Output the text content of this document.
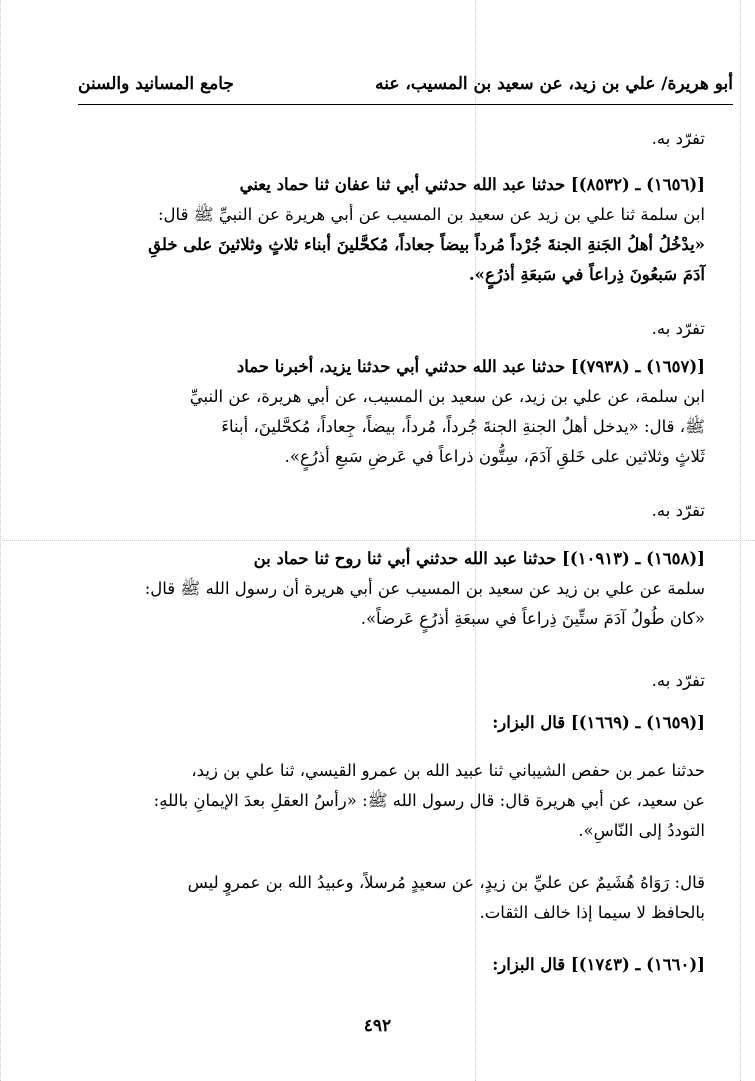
أبو هريرة/ علي بن زيد، عن سعيد بن المسيب، عنه
جامع المسانيد والسنن
تفرّد به.
[(١٦٥٦) ـ (٨٥٣٢)] حدثنا عبد الله حدثني أبي ثنا عفان ثنا حماد يعني
ابن سلمة ثنا علي بن زيد عن سعيد بن المسيب عن أبي هريرة عن النبيِّ ﷺ قال:
«يدْخُلُ أهلُ الجَنةِ الجنةَ جُرْداً مُرداً بيضاً جعاداً، مُكحَّلينَ أبناء ثلاثٍ وثلاثينَ على خلقِ
آدَمَ سَبعُونَ ذِراعاً في سَبعَةِ أذرُعٍ».
تفرّد به.
[(١٦٥٧) ـ (٧٩٣٨)] حدثنا عبد الله حدثني أبي حدثنا يزيد، أخبرنا حماد
ابن سلمة، عن علي بن زيد، عن سعيد بن المسيب، عن أبي هريرة، عن النبيِّ
ﷺ، قال: «يدخل أهلُ الجنةِ الجنةَ جُرداً، مُرداً، بيضاً، جِعاداً، مُكحَّلينَ، أبناءَ
ثَلاثٍ وثلاثين على خَلقِ آدَمَ، سِتُّون ذراعاً في عَرضِ سَبعِ أذرُعٍ».
تفرّد به.
[(١٦٥٨) ـ (١٠٩١٣)] حدثنا عبد الله حدثني أبي ثنا روح ثنا حماد بن
سلمة عن علي بن زيد عن سعيد بن المسيب عن أبي هريرة أن رسول الله ﷺ قال:
«كان طُولُ آدَمَ ستِّينَ ذِراعاً في سبعَةِ أذرُعٍ عَرضاً».
تفرّد به.
[(١٦٥٩) ـ (١٦٦٩)] قال البزار:
حدثنا عمر بن حفص الشيباني ثنا عبيد الله بن عمرو القيسي، ثنا علي بن زيد،
عن سعيد، عن أبي هريرة قال: قال رسول الله ﷺ: «رأسُ العقلِ بعدَ الإيمانِ باللهِ:
التوددُ إلى النّاسِ».
قال: رَوَاهُ هُشَيمٌ عن عليِّ بن زيدٍ، عن سعيدٍ مُرسلاً، وعبيدُ الله بن عمروٍ ليس
بالحافظ لا سيما إذا خالف الثقات.
[(١٦٦٠) ـ (١٧٤٣)] قال البزار:
٤٩٢
